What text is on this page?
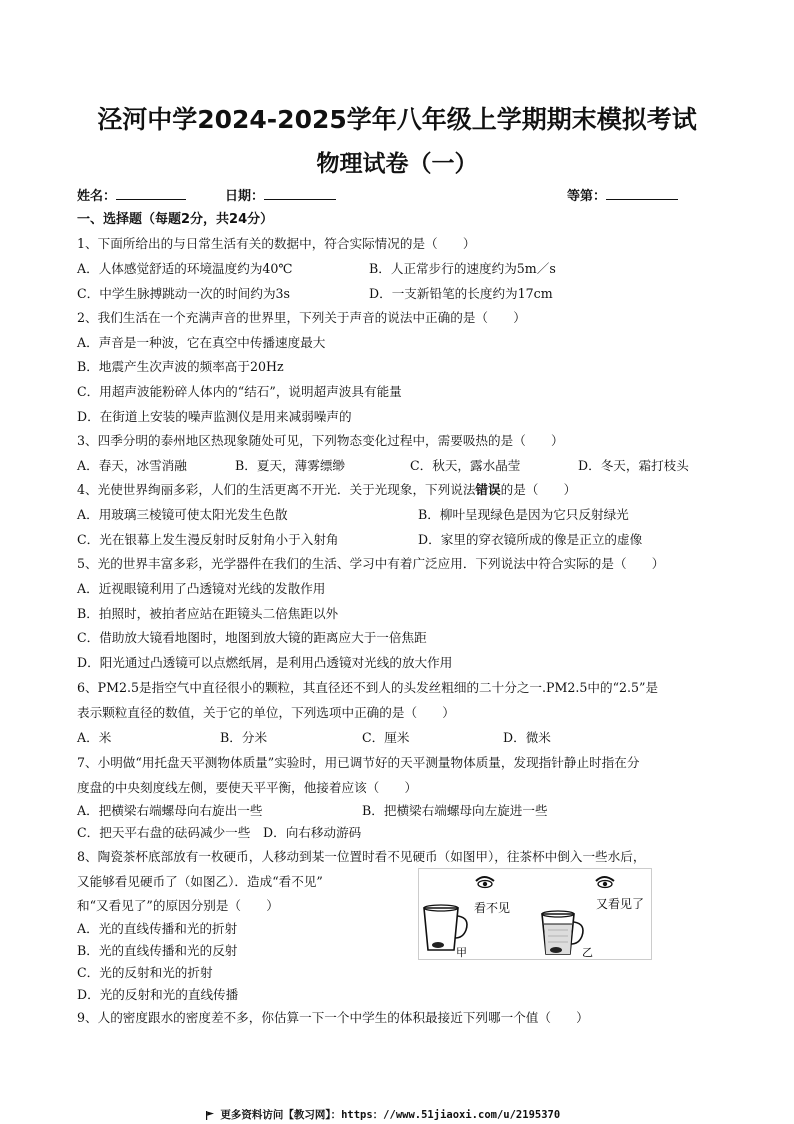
泾河中学2024-2025学年八年级上学期期末模拟考试
物理试卷（一）
姓名：	日期：	等第：
一、选择题（每题2分，共24分）
1、下面所给出的与日常生活有关的数据中，符合实际情况的是（　　）
A．人体感觉舒适的环境温度约为40℃	B．人正常步行的速度约为5m／s
C．中学生脉搏跳动一次的时间约为3s	D．一支新铅笔的长度约为17cm
2、我们生活在一个充满声音的世界里，下列关于声音的说法中正确的是（　　）
A．声音是一种波，它在真空中传播速度最大
B．地震产生次声波的频率高于20Hz
C．用超声波能粉碎人体内的“结石”，说明超声波具有能量
D．在街道上安装的噪声监测仪是用来减弱噪声的
3、四季分明的泰州地区热现象随处可见，下列物态变化过程中，需要吸热的是（　　）
A．春天，冰雪消融	B．夏天，薄雾缥缈	C．秋天，露水晶莹	D．冬天，霜打枝头
4、光使世界绚丽多彩，人们的生活更离不开光．关于光现象，下列说法错误的是（　　）
A．用玻璃三棱镜可使太阳光发生色散	B．柳叶呈现绿色是因为它只反射绿光
C．光在银幕上发生漫反射时反射角小于入射角	D．家里的穿衣镜所成的像是正立的虚像
5、光的世界丰富多彩，光学器件在我们的生活、学习中有着广泛应用．下列说法中符合实际的是（　　）
A．近视眼镜利用了凸透镜对光线的发散作用
B．拍照时，被拍者应站在距镜头二倍焦距以外
C．借助放大镜看地图时，地图到放大镜的距离应大于一倍焦距
D．阳光通过凸透镜可以点燃纸屑，是利用凸透镜对光线的放大作用
6、PM2.5是指空气中直径很小的颗粒，其直径还不到人的头发丝粗细的二十分之一.PM2.5中的“2.5”是
表示颗粒直径的数值，关于它的单位，下列选项中正确的是（　　）
A．米	B．分米	C．厘米	D．微米
7、小明做“用托盘天平测物体质量”实验时，用已调节好的天平测量物体质量，发现指针静止时指在分
度盘的中央刻度线左侧，要使天平平衡，他接着应该（　　）
A．把横梁右端螺母向右旋出一些	B．把横梁右端螺母向左旋进一些
C．把天平右盘的砝码减少一些 D．向右移动游码
8、陶瓷茶杯底部放有一枚硬币，人移动到某一位置时看不见硬币（如图甲），往茶杯中倒入一些水后，
又能够看见硬币了（如图乙）．造成“看不见”
和“又看见了”的原因分别是（　　）
A．光的直线传播和光的折射
B．光的直线传播和光的反射
C．光的反射和光的折射
D．光的反射和光的直线传播
看不见
甲
又看见了
乙
9、人的密度跟水的密度差不多，你估算一下一个中学生的体积最接近下列哪一个值（　　）
更多资料访问【教习网】：https：//www.51jiaoxi.com/u/2195370
